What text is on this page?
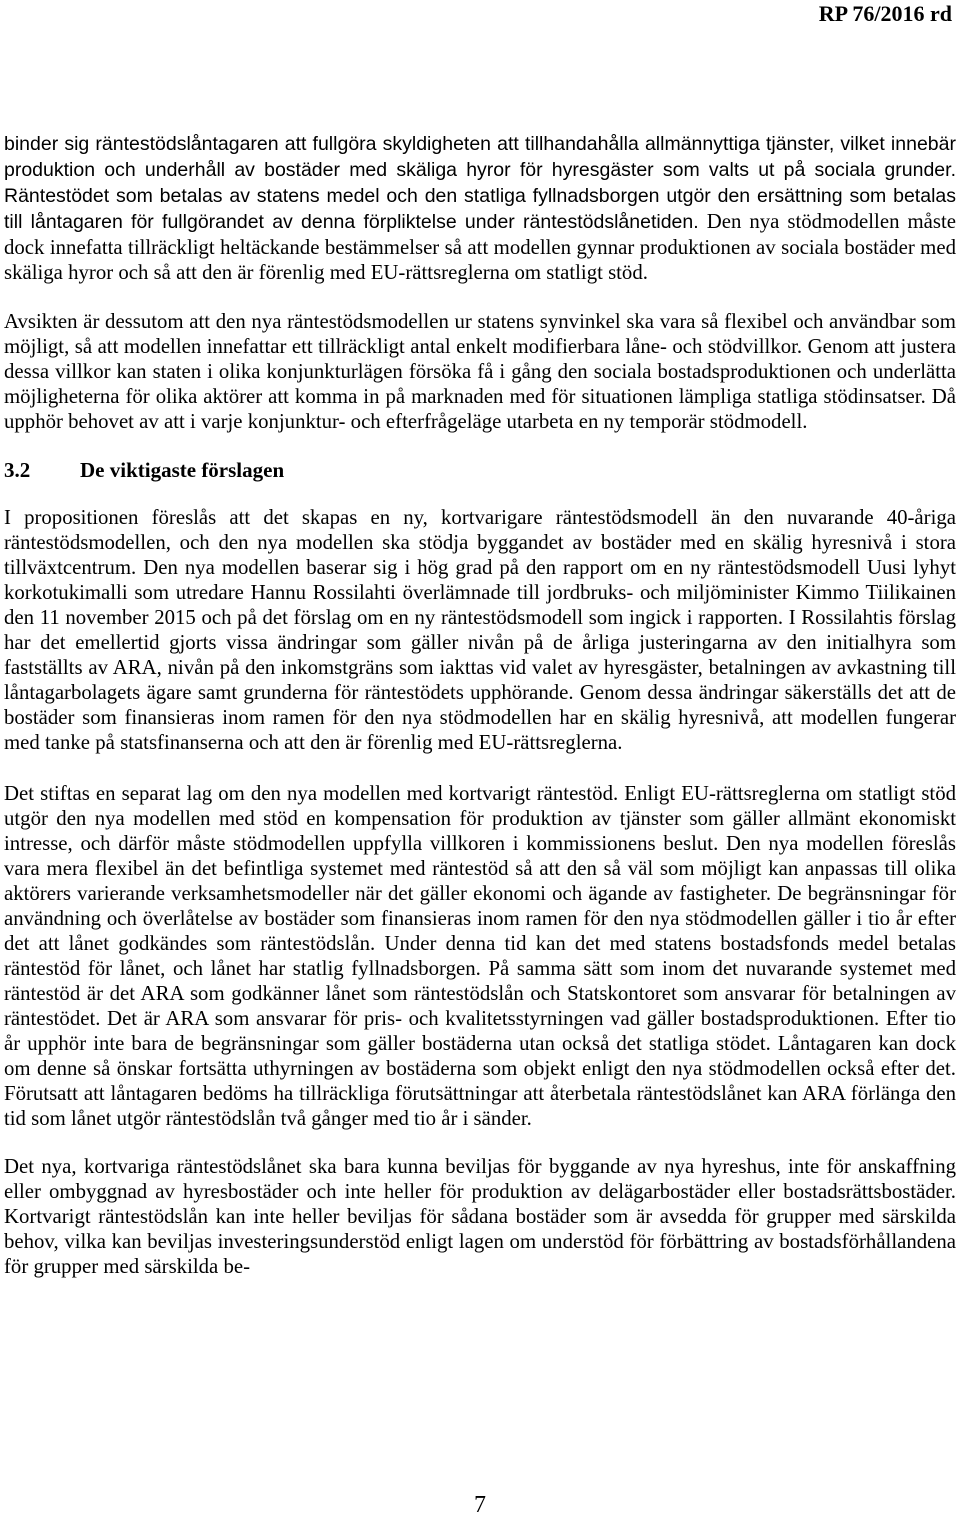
RP 76/2016 rd

binder sig räntestödslåntagaren att fullgöra skyldigheten att tillhandahålla allmännyttiga tjänster, vilket innebär produktion och underhåll av bostäder med skäliga hyror för hyresgäster som valts ut på sociala grunder. Räntestödet som betalas av statens medel och den statliga fyllnadsborgen utgör den ersättning som betalas till låntagaren för fullgörandet av denna förpliktelse under räntestödslånetiden. Den nya stödmodellen måste dock innefatta tillräckligt heltäckande bestämmelser så att modellen gynnar produktionen av sociala bostäder med skäliga hyror och så att den är förenlig med EU-rättsreglerna om statligt stöd.

Avsikten är dessutom att den nya räntestödsmodellen ur statens synvinkel ska vara så flexibel och användbar som möjligt, så att modellen innefattar ett tillräckligt antal enkelt modifierbara låne- och stödvillkor. Genom att justera dessa villkor kan staten i olika konjunkturlägen försöka få i gång den sociala bostadsproduktionen och underlätta möjligheterna för olika aktörer att komma in på marknaden med för situationen lämpliga statliga stödinsatser. Då upphör behovet av att i varje konjunktur- och efterfrågeläge utarbeta en ny temporär stödmodell.

3.2	De viktigaste förslagen

I propositionen föreslås att det skapas en ny, kortvarigare räntestödsmodell än den nuvarande 40-åriga räntestödsmodellen, och den nya modellen ska stödja byggandet av bostäder med en skälig hyresnivå i stora tillväxtcentrum. Den nya modellen baserar sig i hög grad på den rapport om en ny räntestödsmodell Uusi lyhyt korkotukimalli som utredare Hannu Rossilahti överlämnade till jordbruks- och miljöminister Kimmo Tiilikainen den 11 november 2015 och på det förslag om en ny räntestödsmodell som ingick i rapporten. I Rossilahtis förslag har det emellertid gjorts vissa ändringar som gäller nivån på de årliga justeringarna av den initialhyra som fastställts av ARA, nivån på den inkomstgräns som iakttas vid valet av hyresgäster, betalningen av avkastning till låntagarbolagets ägare samt grunderna för räntestödets upphörande. Genom dessa ändringar säkerställs det att de bostäder som finansieras inom ramen för den nya stödmodellen har en skälig hyresnivå, att modellen fungerar med tanke på statsfinanserna och att den är förenlig med EU-rättsreglerna.

Det stiftas en separat lag om den nya modellen med kortvarigt räntestöd. Enligt EU-rättsreglerna om statligt stöd utgör den nya modellen med stöd en kompensation för produktion av tjänster som gäller allmänt ekonomiskt intresse, och därför måste stödmodellen uppfylla villkoren i kommissionens beslut. Den nya modellen föreslås vara mera flexibel än det befintliga systemet med räntestöd så att den så väl som möjligt kan anpassas till olika aktörers varierande verksamhetsmodeller när det gäller ekonomi och ägande av fastigheter. De begränsningar för användning och överlåtelse av bostäder som finansieras inom ramen för den nya stödmodellen gäller i tio år efter det att lånet godkändes som räntestödslån. Under denna tid kan det med statens bostadsfonds medel betalas räntestöd för lånet, och lånet har statlig fyllnadsborgen. På samma sätt som inom det nuvarande systemet med räntestöd är det ARA som godkänner lånet som räntestödslån och Statskontoret som ansvarar för betalningen av räntestödet. Det är ARA som ansvarar för pris- och kvalitetsstyrningen vad gäller bostadsproduktionen. Efter tio år upphör inte bara de begränsningar som gäller bostäderna utan också det statliga stödet. Låntagaren kan dock om denne så önskar fortsätta uthyrningen av bostäderna som objekt enligt den nya stödmodellen också efter det. Förutsatt att låntagaren bedöms ha tillräckliga förutsättningar att återbetala räntestödslånet kan ARA förlänga den tid som lånet utgör räntestödslån två gånger med tio år i sänder.

Det nya, kortvariga räntestödslånet ska bara kunna beviljas för byggande av nya hyreshus, inte för anskaffning eller ombyggnad av hyresbostäder och inte heller för produktion av delägarbostäder eller bostadsrättsbostäder. Kortvarigt räntestödslån kan inte heller beviljas för sådana bostäder som är avsedda för grupper med särskilda behov, vilka kan beviljas investeringsunderstöd enligt lagen om understöd för förbättring av bostadsförhållandena för grupper med särskilda be-

7
